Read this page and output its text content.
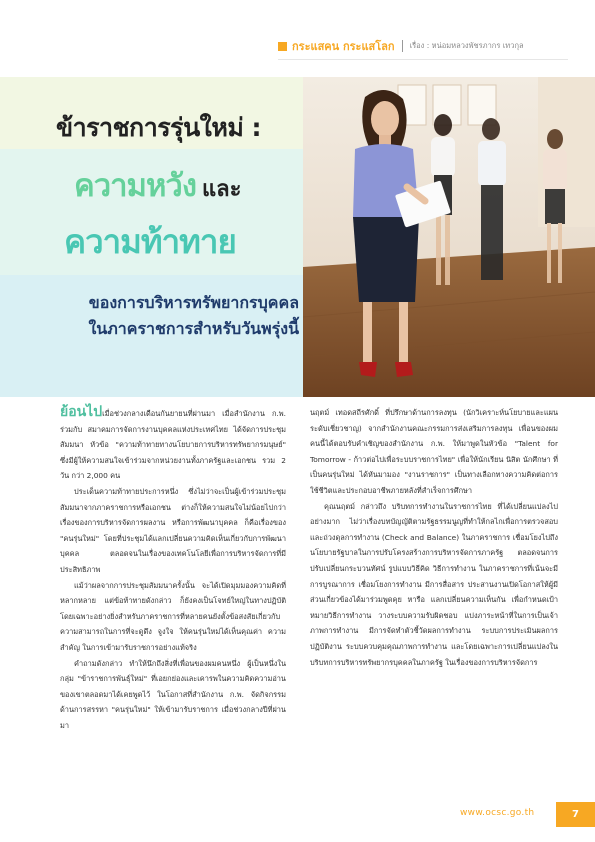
กระแสคน กระแสโลก เรื่อง : หน่อมหลวงพัชรภากร เทวกุล
ข้าราชการรุ่นใหม่ :
ความหวัง และ
ความท้าทาย
ของการบริหารทรัพยากรบุคคล
ในภาคราชการสำหรับวันพรุ่งนี้

ย้อนไปเมื่อช่วงกลางเดือนกันยายนที่ผ่านมา เมื่อสำนักงาน ก.พ. ร่วมกับ สมาคมการจัดการงานบุคคลแห่งประเทศไทย ได้จัดการประชุมสัมมนา หัวข้อ "ความท้าทายทางนโยบายการบริหารทรัพยากรมนุษย์" ซึ่งมีผู้ให้ความสนใจเข้าร่วมจากหน่วยงานทั้งภาครัฐและเอกชน รวม 2 วัน กว่า 2,000 คน

ประเด็นความท้าทายประการหนึ่ง ซึ่งไม่ว่าจะเป็นผู้เข้าร่วมประชุมสัมมนาจากภาคราชการหรือเอกชน ต่างก็ให้ความสนใจไม่น้อยไปกว่าเรื่องของการบริหารจัดการผลงาน หรือการพัฒนาบุคคล ก็คือเรื่องของ "คนรุ่นใหม่" โดยที่ประชุมได้แลกเปลี่ยนความคิดเห็นเกี่ยวกับการพัฒนาบุคคล ตลอดจนในเรื่องของเทคโนโลยีเพื่อการบริหารจัดการที่มีประสิทธิภาพ

แม้ว่าผลจากการประชุมสัมมนาครั้งนั้น จะได้เปิดมุมมองความคิดที่หลากหลาย แต่ข้อท้าทายดังกล่าว ก็ยังคงเป็นโจทย์ใหญ่ในทางปฏิบัติ โดยเฉพาะอย่างยิ่งสำหรับภาคราชการที่หลายคนยังตั้งข้อสงสัยเกี่ยวกับความสามารถในการที่จะดูดึง จูงใจ ให้คนรุ่นใหม่ได้เห็นคุณค่า ความสำคัญ ในการเข้ามารับราชการอย่างแท้จริง

คำถามดังกล่าว ทำให้นึกถึงสิ่งที่เพื่อนของผมคนหนึ่ง ผู้เป็นหนึ่งในกลุ่ม "ข้าราชการพันธุ์ใหม่" ที่เอยกย่องและเคารพในความคิดความอ่านของเขาตลอดมาได้เคยพูดไว้ ในโอกาสที่สำนักงาน ก.พ. จัดกิจกรรมด้านการสรรหา "คนรุ่นใหม่" ให้เข้ามารับราชการ เมื่อช่วงกลางปีที่ผ่านมา

นฤตม์ เทอดสถีรศักดิ์ ที่ปรึกษาด้านการลงทุน (นักวิเคราะห์นโยบายและแผน ระดับเชี่ยวชาญ) จากสำนักงานคณะกรรมการส่งเสริมการลงทุน เพื่อนของผมคนนี้ได้ตอบรับคำเชิญของสำนักงาน ก.พ. ให้มาพูดในหัวข้อ "Talent for Tomorrow - ก้าวต่อไปเพื่อระบบราชการไทย" เพื่อให้นักเรียน นิสิต นักศึกษา ที่เป็นคนรุ่นใหม่ ได้หันมามอง "งานราชการ" เป็นทางเลือกทางความคิดต่อการใช้ชีวิตและประกอบอาชีพภายหลังที่สำเร็จการศึกษา

คุณนฤตม์ กล่าวถึง บริบทการทำงานในราชการไทย ที่ได้เปลี่ยนแปลงไปอย่างมาก ไม่ว่าเรื่องบทบัญญัติตามรัฐธรรมนูญที่ทำให้กลไกเพื่อการตรวจสอบและถ่วงดุลการทำงาน (Check and Balance) ในภาคราชการ เชื่อมโยงไปถึงนโยบายรัฐบาลในการปรับโครงสร้างการบริหารจัดการภาครัฐ ตลอดจนการปรับเปลี่ยนกระบวนทัศน์ รูปแบบวิธีคิด วิธีการทำงาน ในภาคราชการที่เน้นจะมีการบูรณาการ เชื่อมโยงการทำงาน มีการสื่อสาร ประสานงานเปิดโอกาสให้ผู้มีส่วนเกี่ยวข้องได้มาร่วมพูดคุย หารือ แลกเปลี่ยนความเห็นกัน เพื่อกำหนดเป้าหมายวิธีการทำงาน วางระบบความรับผิดชอบ แบ่งภาระหน้าที่ในการเป็นเจ้าภาพการทำงาน มีการจัดทำตัวชี้วัดผลการทำงาน ระบบการประเมินผลการปฏิบัติงาน ระบบควบคุมคุณภาพการทำงาน และโดยเฉพาะการเปลี่ยนแปลงในบริบทการบริหารทรัพยากรบุคคลในภาครัฐ ในเรื่องของการบริหารจัดการ

www.ocsc.go.th	7
